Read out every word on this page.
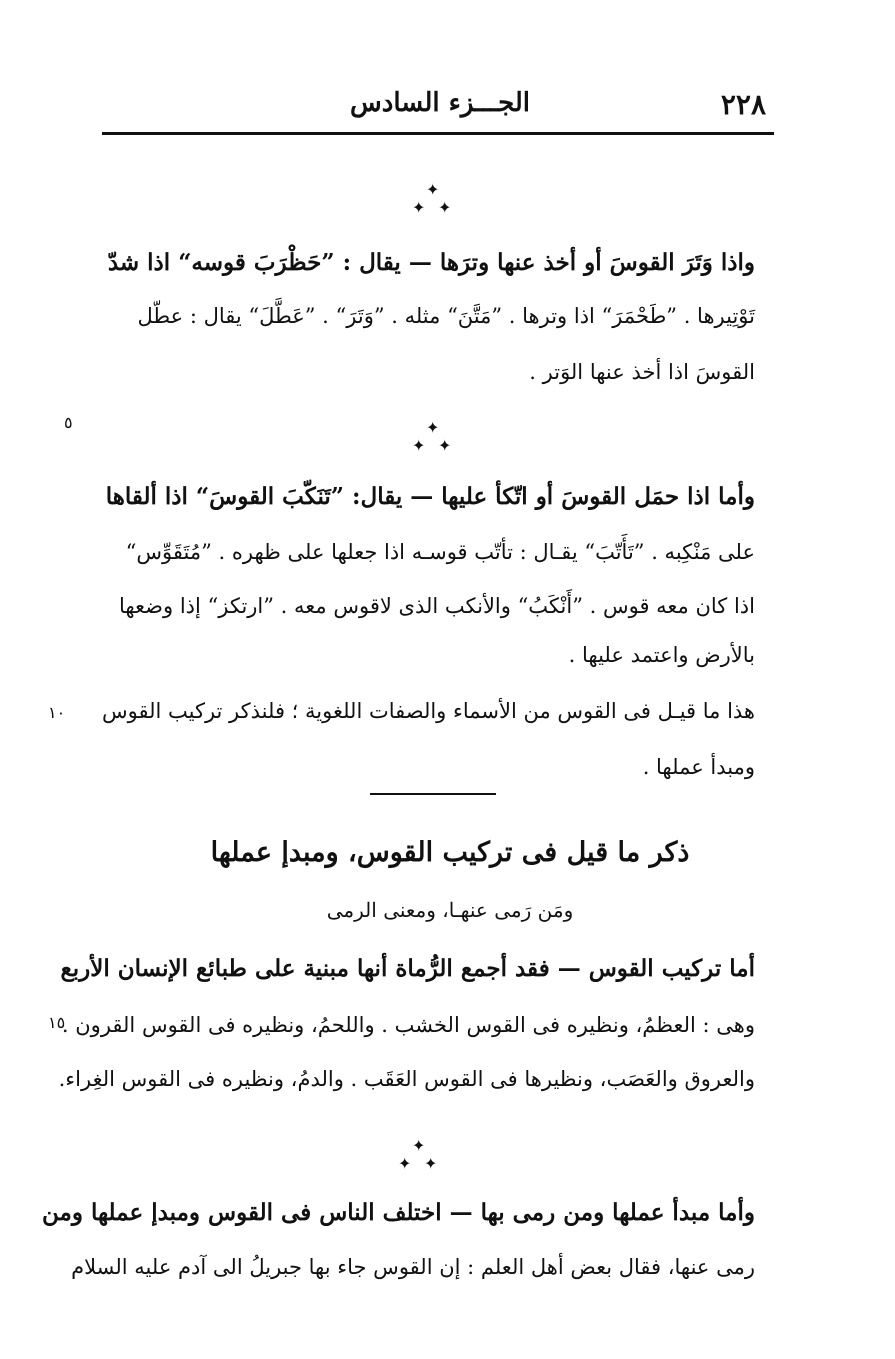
٢٢٨
الجـــزء السادس
✦
✦ ✦
واذا وَتَرَ القوسَ أو أخذ عنها وترَها — يقال : ”حَظْرَبَ قوسه“ اذا شدّ
تَوْتِيرها . ”طَحْمَرَ“ اذا وترها . ”مَتَّنَ“ مثله . ”وَتَرَ“ . ”عَطَّلَ“ يقال : عطّل
القوسَ اذا أخذ عنها الوَتر .
✦
✦ ✦
٥
وأما اذا حمَل القوسَ أو اتّكأ عليها — يقال: ”تَنَكّبَ القوسَ“ اذا ألقاها
على مَنْكِبه . ”تَأَتّبَ“ يقـال : تأتّب قوسـه اذا جعلها على ظهره . ”مُتَقَوِّس“
اذا كان معه قوس . ”أَنْكَبُ“ والأنكب الذى لاقوس معه . ”ارتكز“ إذا وضعها
بالأرض واعتمد عليها .
هذا ما قيـل فى القوس من الأسماء والصفات اللغوية ؛ فلنذكر تركيب القوس
١٠
ومبدأ عملها .
ذكر ما قيل فى تركيب القوس، ومبدإ عملها
ومَن رَمى عنهـا، ومعنى الرمى
أما تركيب القوس — فقد أجمع الرُّماة أنها مبنية على طبائع الإنسان الأربع
وهى : العظمُ، ونظيره فى القوس الخشب . واللحمُ، ونظيره فى القوس القرون .
١٥
والعروق والعَصَب، ونظيرها فى القوس العَقَب . والدمُ، ونظيره فى القوس الغِراء.
✦
✦ ✦
وأما مبدأ عملها ومن رمى بها — اختلف الناس فى القوس ومبدإ عملها ومن
رمى عنها، فقال بعض أهل العلم : إن القوس جاء بها جبريلُ الى آدم عليه السلام
